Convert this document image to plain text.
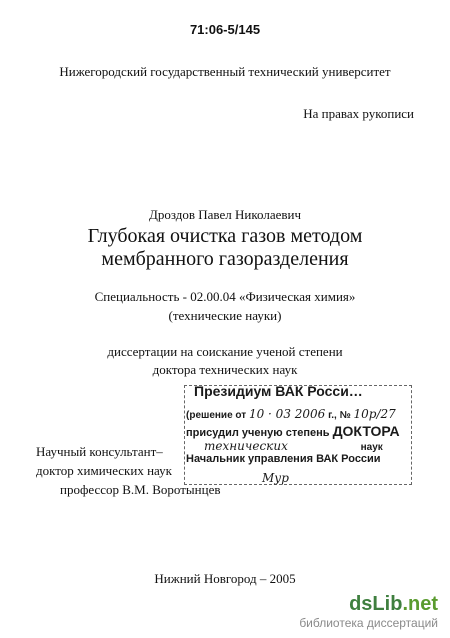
71:06-5/145
Нижегородский государственный технический университет
На правах рукописи
Дроздов Павел Николаевич
Глубокая очистка газов методом
мембранного газоразделения
Специальность - 02.00.04 «Физическая химия»
(технические науки)
диссертации на соискание ученой степени
доктора технических наук
Научный консультант–
доктор химических наук
профессор В.М. Воротынцев
Президиум ВАК Росси…
(решение от 10 · 03 2006 г., № 10р/27
присудил ученую степень ДОКТОРА
технических	наук
Начальник управления ВАК России
Мур
Нижний Новгород – 2005
dsLib.net
библиотека диссертаций
